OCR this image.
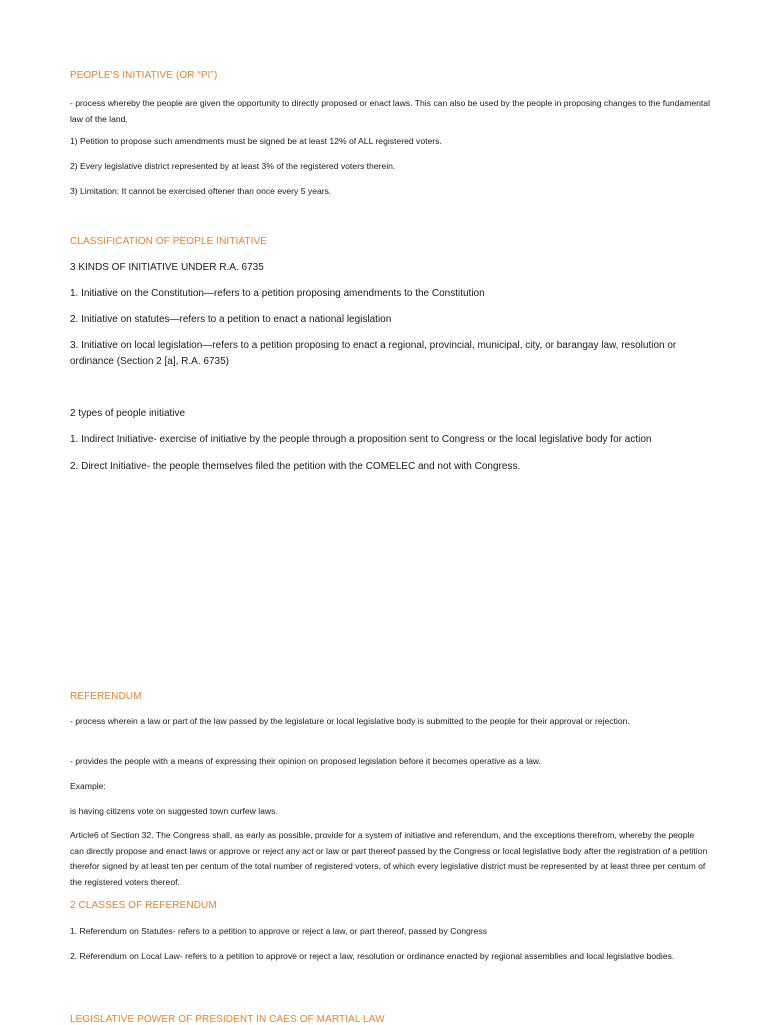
PEOPLE'S INITIATIVE (OR “PI”)

- process whereby the people are given the opportunity to directly proposed or enact laws. This can also be used by the people in proposing changes to the fundamental law of the land.

1) Petition to propose such amendments must be signed be at least 12% of ALL registered voters.

2) Every legislative district represented by at least 3% of the registered voters therein.

3) Limitation: It cannot be exercised oftener than once every 5 years.

CLASSIFICATION OF PEOPLE INITIATIVE

3 KINDS OF INITIATIVE UNDER R.A. 6735

1. Initiative on the Constitution—refers to a petition proposing amendments to the Constitution

2. Initiative on statutes—refers to a petition to enact a national legislation

3. Initiative on local legislation—refers to a petition proposing to enact a regional, provincial, municipal, city, or barangay law, resolution or ordinance (Section 2 [a], R.A. 6735)

2 types of people initiative

1. Indirect Initiative- exercise of initiative by the people through a proposition sent to Congress or the local legislative body for action

2. Direct Initiative- the people themselves filed the petition with the COMELEC and not with Congress.

REFERENDUM

- process wherein a law or part of the law passed by the legislature or local legislative body is submitted to the people for their approval or rejection.

- provides the people with a means of expressing their opinion on proposed legislation before it becomes operative as a law.

Example:

is having citizens vote on suggested town curfew laws.

Article6 of Section 32. The Congress shall, as early as possible, provide for a system of initiative and referendum, and the exceptions therefrom, whereby the people can directly propose and enact laws or approve or reject any act or law or part thereof passed by the Congress or local legislative body after the registration of a petition therefor signed by at least ten per centum of the total number of registered voters, of which every legislative district must be represented by at least three per centum of the registered voters thereof.

2 CLASSES OF REFERENDUM

1. Referendum on Statutes- refers to a petition to approve or reject a law, or part thereof, passed by Congress

2. Referendum on Local Law- refers to a petition to approve or reject a law, resolution or ordinance enacted by regional assemblies and local legislative bodies.

LEGISLATIVE POWER OF PRESIDENT IN CAES OF MARTIAL LAW
